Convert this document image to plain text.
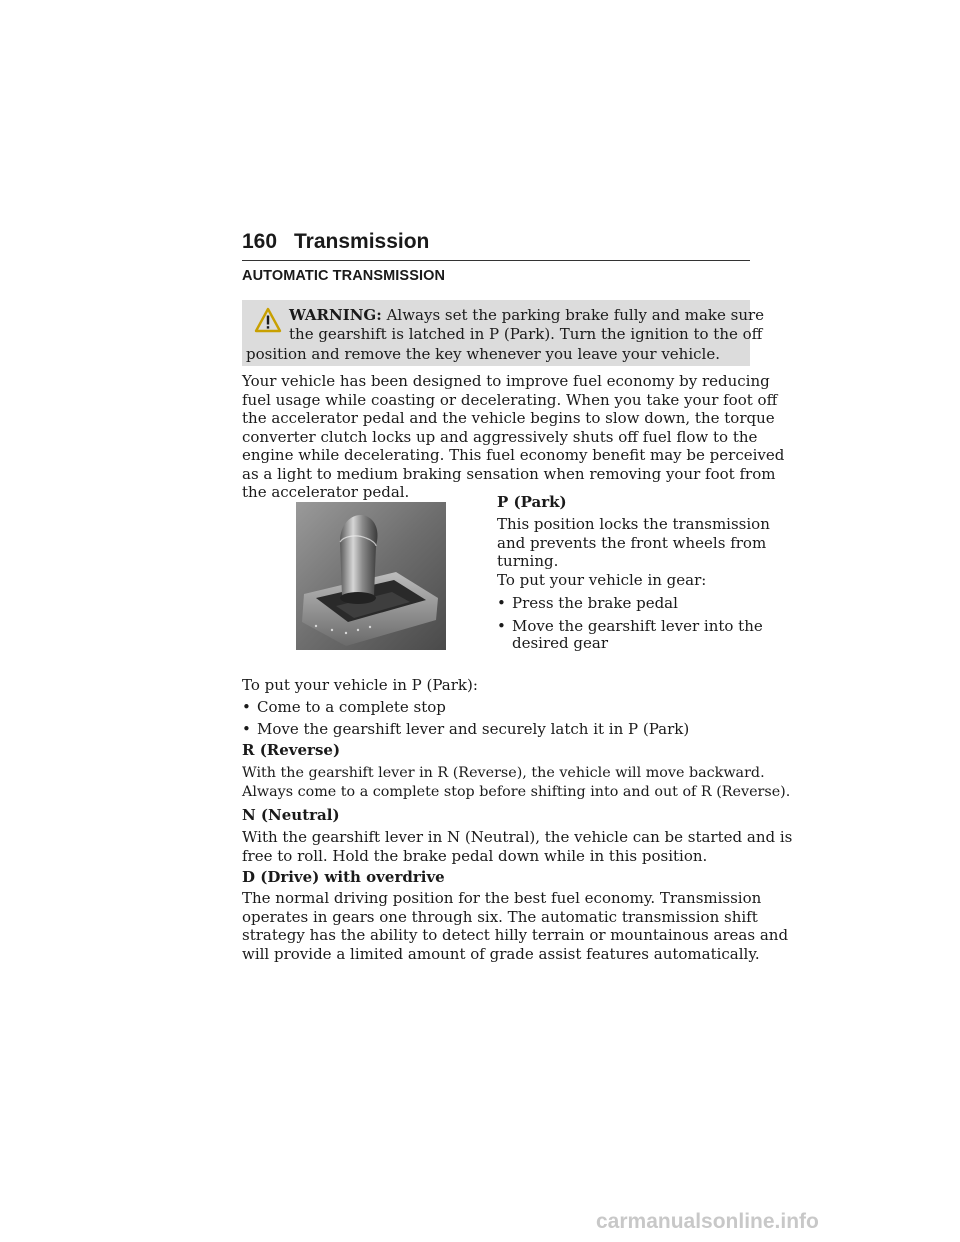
160 Transmission
AUTOMATIC TRANSMISSION
WARNING: Always set the parking brake fully and make sure
the gearshift is latched in P (Park). Turn the ignition to the off
position and remove the key whenever you leave your vehicle.
Your vehicle has been designed to improve fuel economy by reducing
fuel usage while coasting or decelerating. When you take your foot off
the accelerator pedal and the vehicle begins to slow down, the torque
converter clutch locks up and aggressively shuts off fuel flow to the
engine while decelerating. This fuel economy benefit may be perceived
as a light to medium braking sensation when removing your foot from
the accelerator pedal.
P (Park)
This position locks the transmission
and prevents the front wheels from
turning.
To put your vehicle in gear:
• Press the brake pedal
• Move the gearshift lever into the
desired gear
To put your vehicle in P (Park):
• Come to a complete stop
• Move the gearshift lever and securely latch it in P (Park)
R (Reverse)
With the gearshift lever in R (Reverse), the vehicle will move backward.
Always come to a complete stop before shifting into and out of R (Reverse).
N (Neutral)
With the gearshift lever in N (Neutral), the vehicle can be started and is
free to roll. Hold the brake pedal down while in this position.
D (Drive) with overdrive
The normal driving position for the best fuel economy. Transmission
operates in gears one through six. The automatic transmission shift
strategy has the ability to detect hilly terrain or mountainous areas and
will provide a limited amount of grade assist features automatically.
carmanualsonline.info
